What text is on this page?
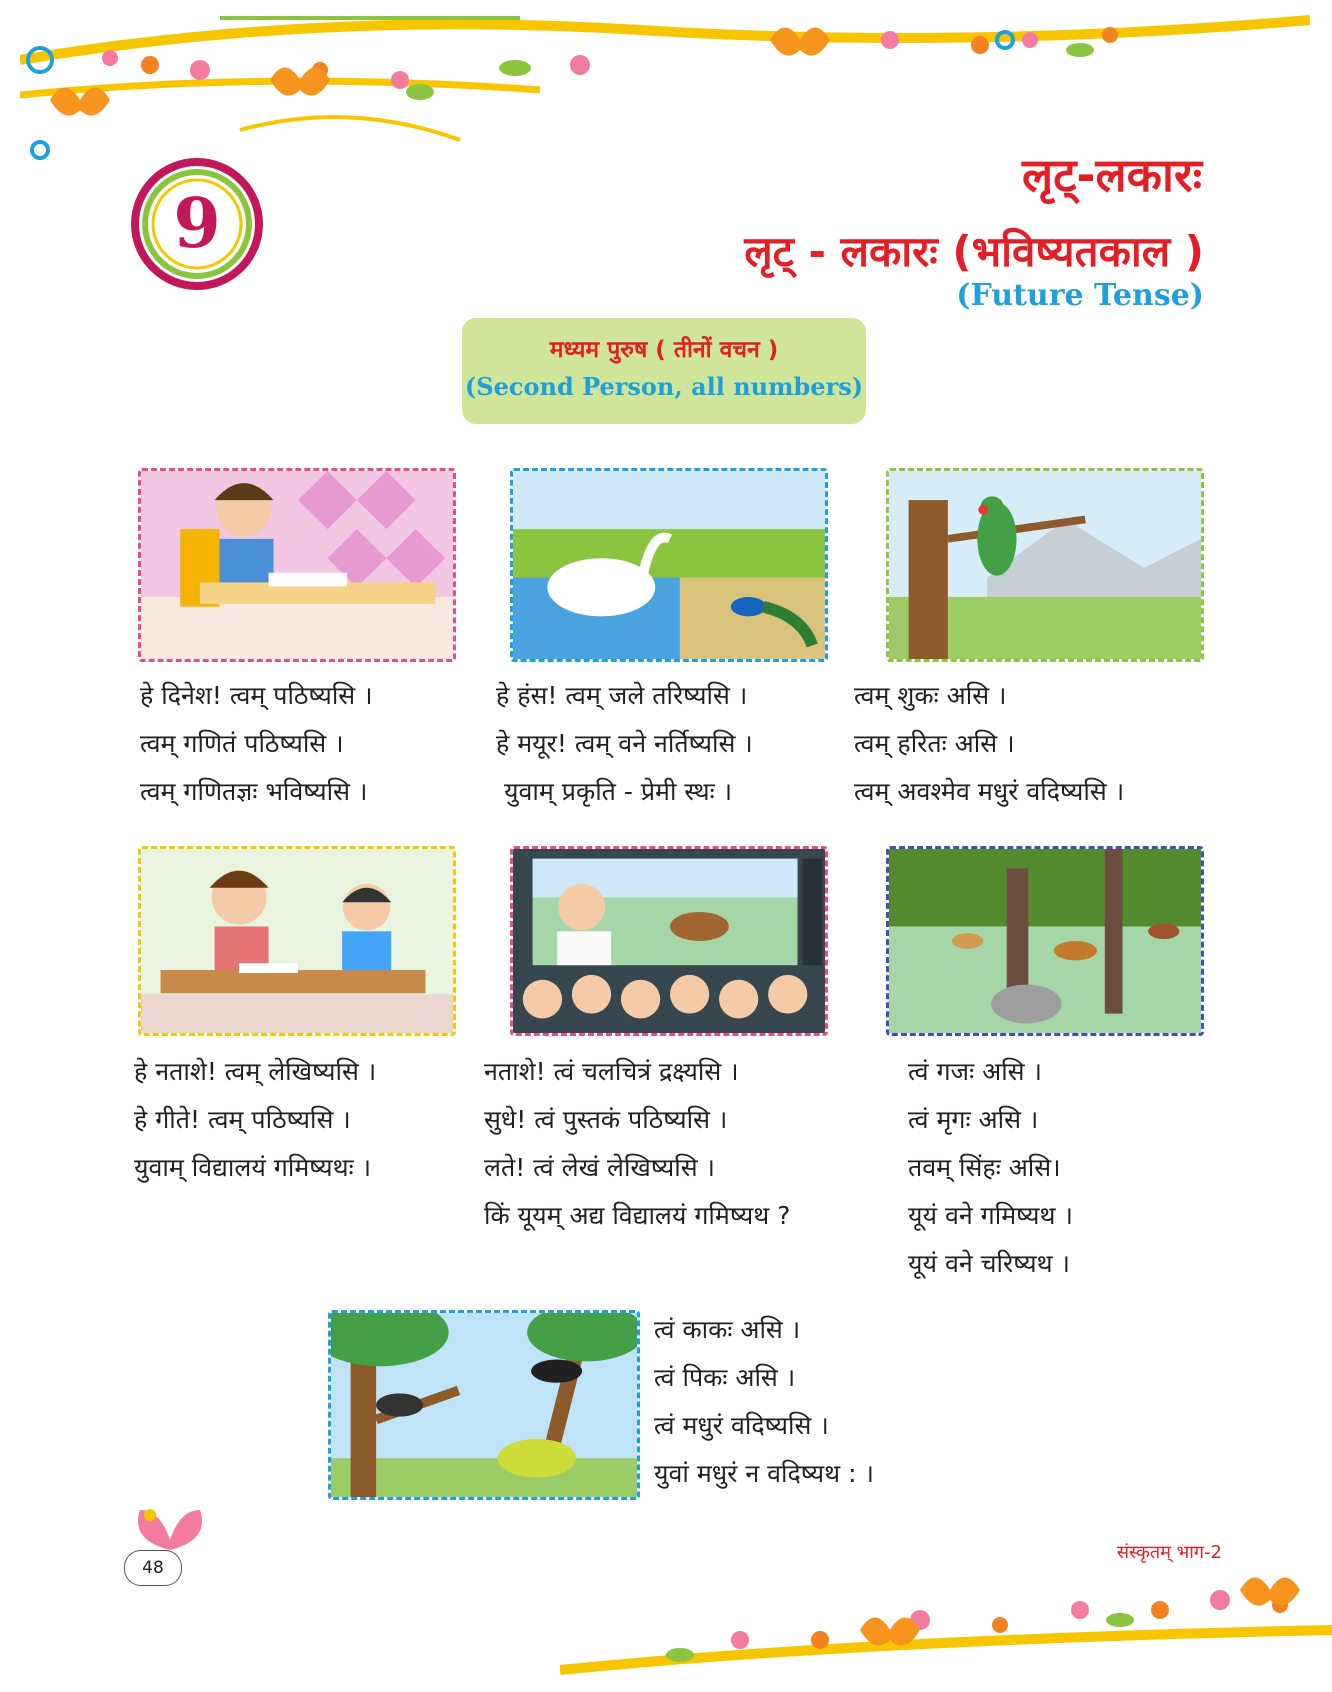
9
लृट्-लकारः
लृट् - लकारः (भविष्यतकाल )
(Future Tense)
मध्यम पुरुष ( तीनों वचन )
(Second Person, all numbers)
हे दिनेश! त्वम् पठिष्यसि ।
त्वम् गणितं पठिष्यसि ।
त्वम् गणितज्ञः भविष्यसि ।
हे हंस! त्वम् जले तरिष्यसि ।
हे मयूर! त्वम् वने नर्तिष्यसि ।
युवाम् प्रकृति - प्रेमी स्थः ।
त्वम् शुकः असि ।
त्वम् हरितः असि ।
त्वम् अवश्मेव मधुरं वदिष्यसि ।
हे नताशे! त्वम् लेखिष्यसि ।
हे गीते! त्वम् पठिष्यसि ।
युवाम् विद्यालयं गमिष्यथः ।
नताशे! त्वं चलचित्रं द्रक्ष्यसि ।
सुधे! त्वं पुस्तकं पठिष्यसि ।
लते! त्वं लेखं लेखिष्यसि ।
किं यूयम् अद्य विद्यालयं गमिष्यथ ?
त्वं गजः असि ।
त्वं मृगः असि ।
तवम् सिंहः असि।
यूयं वने गमिष्यथ ।
यूयं वने चरिष्यथ ।
त्वं काकः असि ।
त्वं पिकः असि ।
त्वं मधुरं वदिष्यसि ।
युवां मधुरं न वदिष्यथ : ।
48
संस्कृतम् भाग-2
